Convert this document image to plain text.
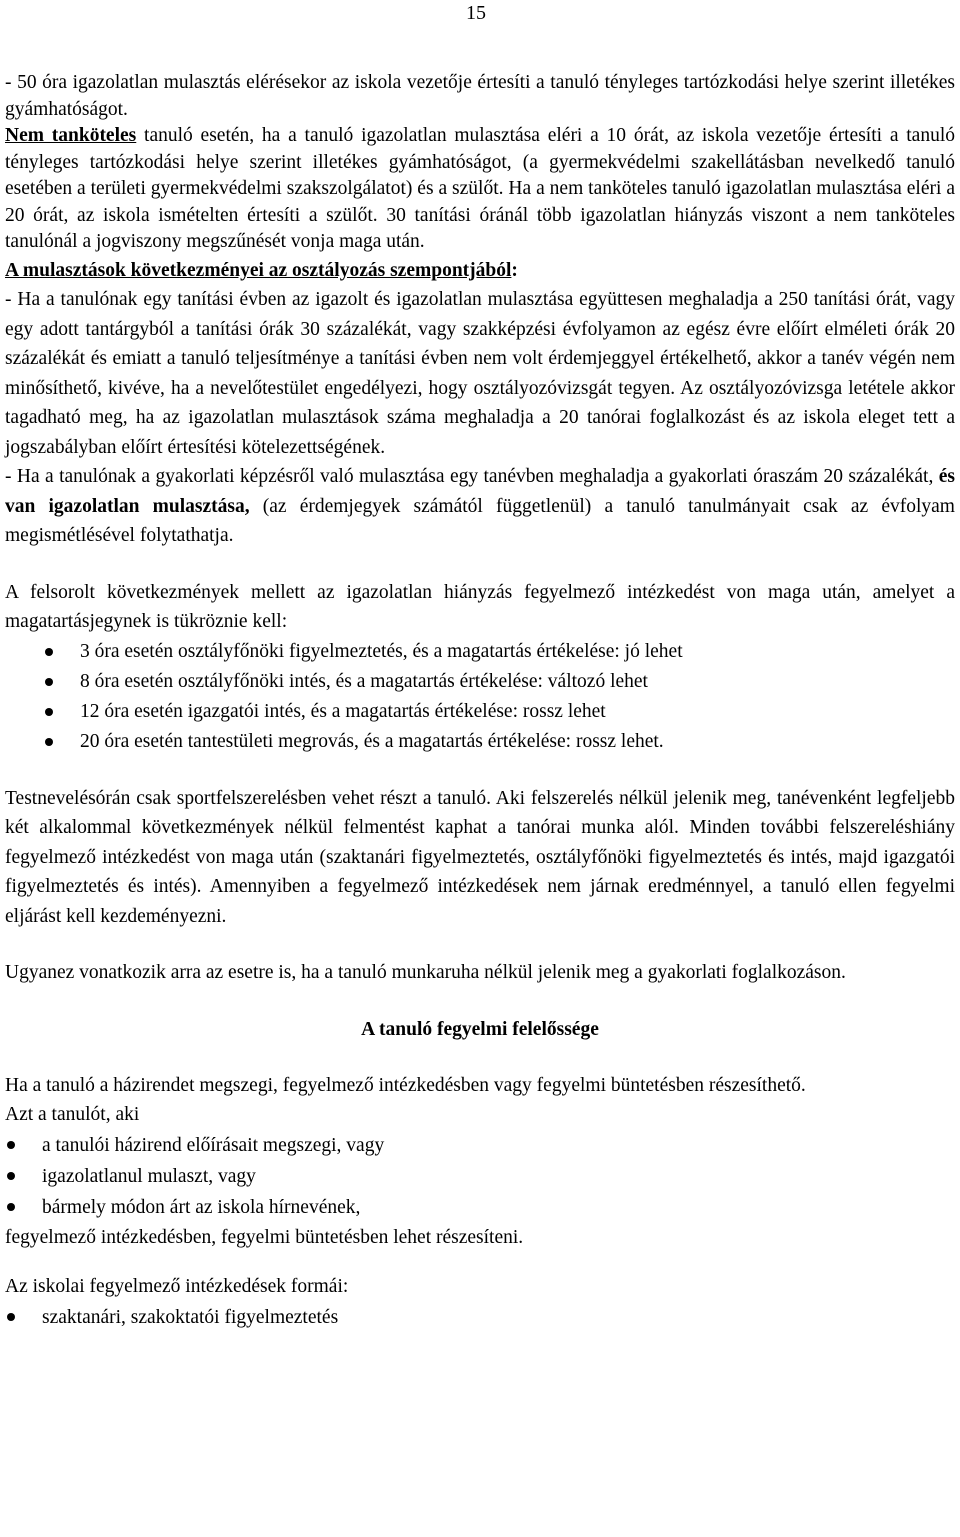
15

- 50 óra igazolatlan mulasztás elérésekor az iskola vezetője értesíti a tanuló tényleges tartózkodási helye szerint illetékes gyámhatóságot.

Nem tanköteles tanuló esetén, ha a tanuló igazolatlan mulasztása eléri a 10 órát, az iskola vezetője értesíti a tanuló tényleges tartózkodási helye szerint illetékes gyámhatóságot, (a gyermekvédelmi szakellátásban nevelkedő tanuló esetében a területi gyermekvédelmi szakszolgálatot) és a szülőt. Ha a nem tanköteles tanuló igazolatlan mulasztása eléri a 20 órát, az iskola ismételten értesíti a szülőt. 30 tanítási óránál több igazolatlan hiányzás viszont a nem tanköteles tanulónál a jogviszony megszűnését vonja maga után.

A mulasztások következményei az osztályozás szempontjából:

- Ha a tanulónak egy tanítási évben az igazolt és igazolatlan mulasztása együttesen meghaladja a 250 tanítási órát, vagy egy adott tantárgyból a tanítási órák 30 százalékát, vagy szakképzési évfolyamon az egész évre előírt elméleti órák 20 százalékát és emiatt a tanuló teljesítménye a tanítási évben nem volt érdemjeggyel értékelhető, akkor a tanév végén nem minősíthető, kivéve, ha a nevelőtestület engedélyezi, hogy osztályozóvizsgát tegyen. Az osztályozóvizsga letétele akkor tagadható meg, ha az igazolatlan mulasztások száma meghaladja a 20 tanórai foglalkozást és az iskola eleget tett a jogszabályban előírt értesítési kötelezettségének.

- Ha a tanulónak a gyakorlati képzésről való mulasztása egy tanévben meghaladja a gyakorlati óraszám 20 százalékát, és van igazolatlan mulasztása, (az érdemjegyek számától függetlenül) a tanuló tanulmányait csak az évfolyam megismétlésével folytathatja.

A felsorolt következmények mellett az igazolatlan hiányzás fegyelmező intézkedést von maga után, amelyet a magatartásjegynek is tükröznie kell:

3 óra esetén osztályfőnöki figyelmeztetés, és a magatartás értékelése: jó lehet
8 óra esetén osztályfőnöki intés, és a magatartás értékelése: változó lehet
12 óra esetén igazgatói intés, és a magatartás értékelése: rossz lehet
20 óra esetén tantestületi megrovás, és a magatartás értékelése: rossz lehet.

Testnevelésórán csak sportfelszerelésben vehet részt a tanuló. Aki felszerelés nélkül jelenik meg, tanévenként legfeljebb két alkalommal következmények nélkül felmentést kaphat a tanórai munka alól. Minden további felszereléshiány fegyelmező intézkedést von maga után (szaktanári figyelmeztetés, osztályfőnöki figyelmeztetés és intés, majd igazgatói figyelmeztetés és intés). Amennyiben a fegyelmező intézkedések nem járnak eredménnyel, a tanuló ellen fegyelmi eljárást kell kezdeményezni.

Ugyanez vonatkozik arra az esetre is, ha a tanuló munkaruha nélkül jelenik meg a gyakorlati foglalkozáson.

A tanuló fegyelmi felelőssége

Ha a tanuló a házirendet megszegi, fegyelmező intézkedésben vagy fegyelmi büntetésben részesíthető.

Azt a tanulót, aki

a tanulói házirend előírásait megszegi, vagy
igazolatlanul mulaszt, vagy
bármely módon árt az iskola hírnevének,

fegyelmező intézkedésben, fegyelmi büntetésben lehet részesíteni.

Az iskolai fegyelmező intézkedések formái:

szaktanári, szakoktatói figyelmeztetés
